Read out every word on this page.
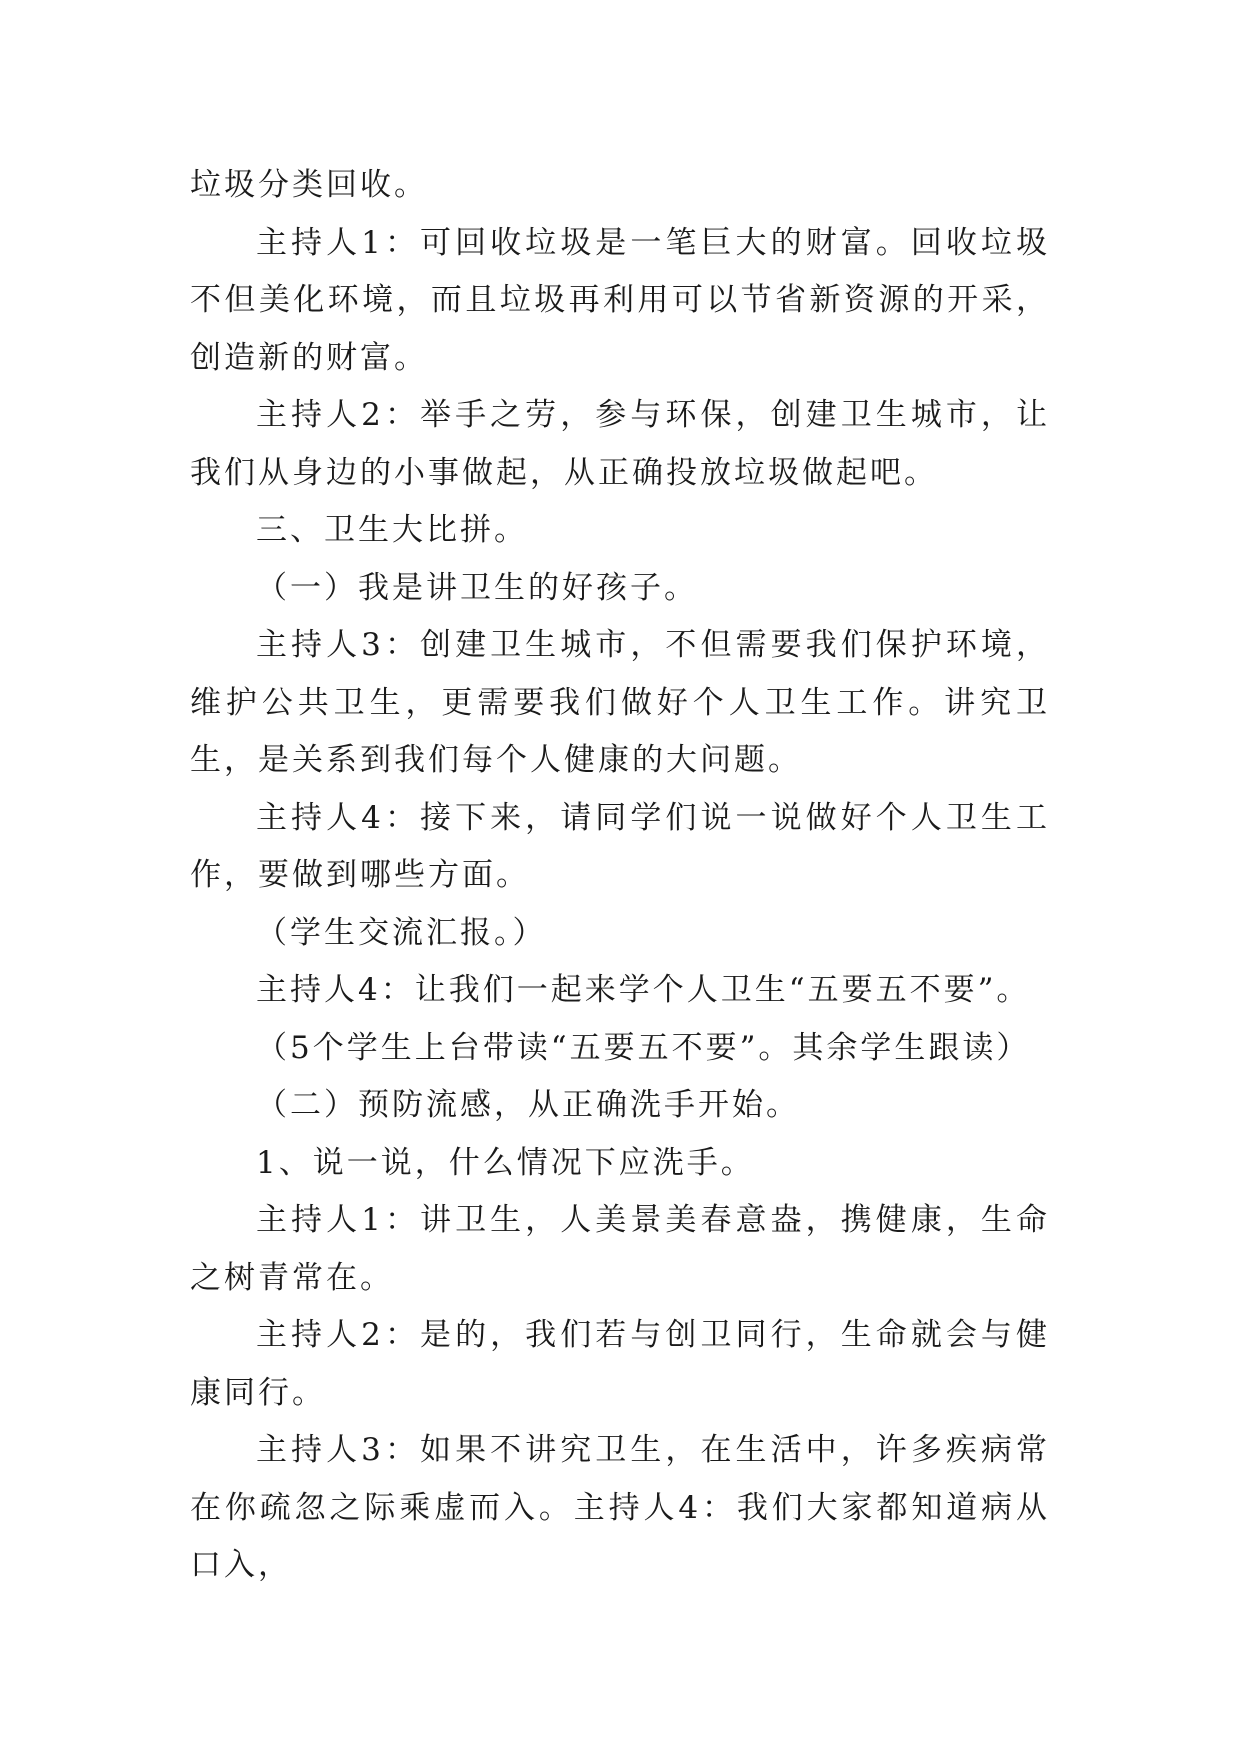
垃圾分类回收。

主持人1：可回收垃圾是一笔巨大的财富。回收垃圾不但美化环境，而且垃圾再利用可以节省新资源的开采，创造新的财富。

主持人2：举手之劳，参与环保，创建卫生城市，让我们从身边的小事做起，从正确投放垃圾做起吧。

三、卫生大比拼。

（一）我是讲卫生的好孩子。

主持人3：创建卫生城市，不但需要我们保护环境，维护公共卫生，更需要我们做好个人卫生工作。讲究卫生，是关系到我们每个人健康的大问题。

主持人4：接下来，请同学们说一说做好个人卫生工作，要做到哪些方面。

（学生交流汇报。）

主持人4：让我们一起来学个人卫生“五要五不要”。

（5个学生上台带读“五要五不要”。其余学生跟读）

（二）预防流感，从正确洗手开始。

1、说一说，什么情况下应洗手。

主持人1：讲卫生，人美景美春意盎，携健康，生命之树青常在。

主持人2：是的，我们若与创卫同行，生命就会与健康同行。

主持人3：如果不讲究卫生，在生活中，许多疾病常在你疏忽之际乘虚而入。主持人4：我们大家都知道病从口入，
